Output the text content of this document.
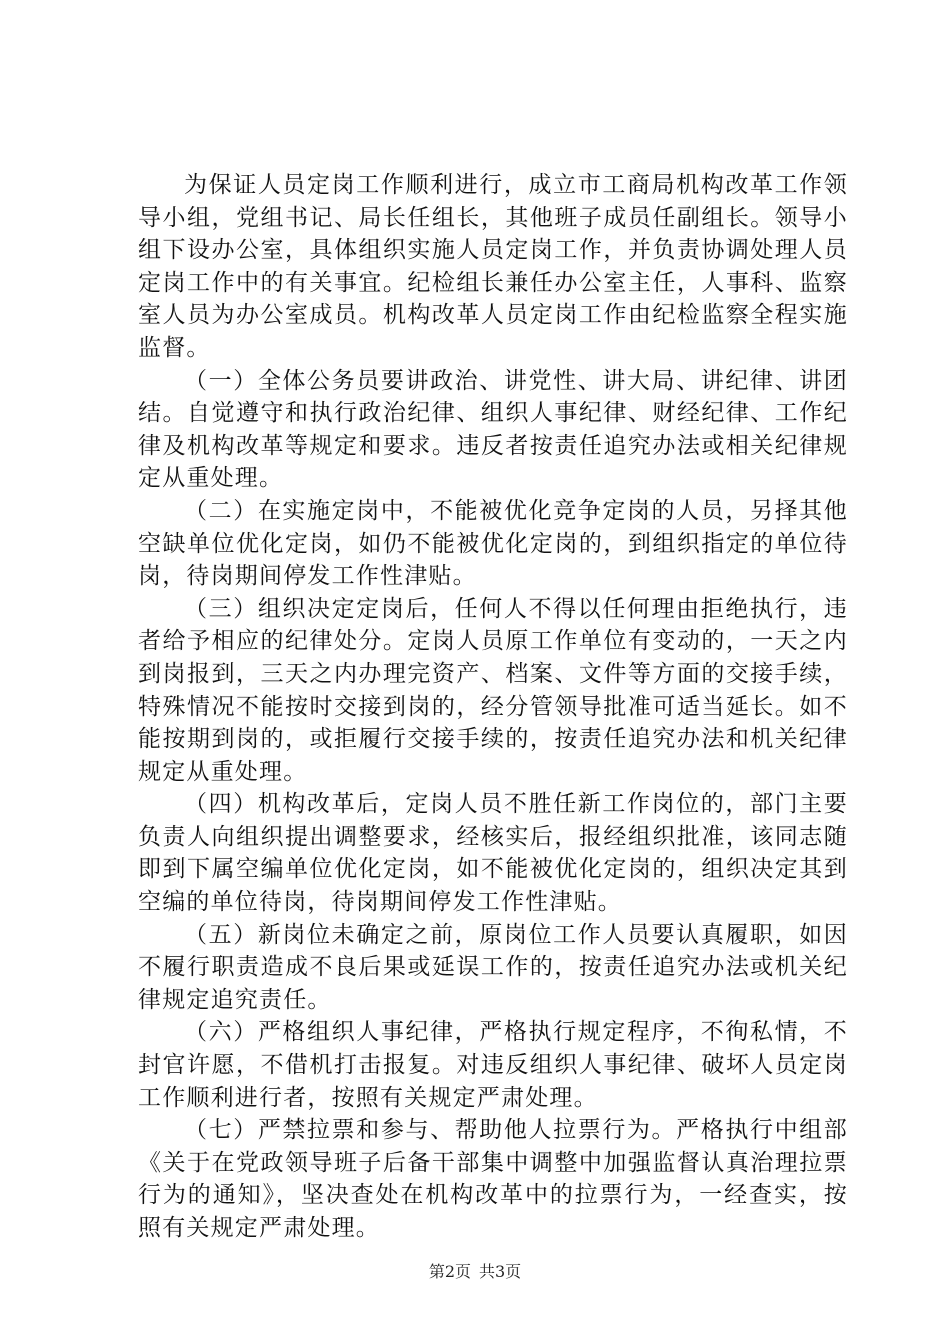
为保证人员定岗工作顺利进行，成立市工商局机构改革工作领导小组，党组书记、局长任组长，其他班子成员任副组长。领导小组下设办公室，具体组织实施人员定岗工作，并负责协调处理人员定岗工作中的有关事宜。纪检组长兼任办公室主任，人事科、监察室人员为办公室成员。机构改革人员定岗工作由纪检监察全程实施监督。

（一）全体公务员要讲政治、讲党性、讲大局、讲纪律、讲团结。自觉遵守和执行政治纪律、组织人事纪律、财经纪律、工作纪律及机构改革等规定和要求。违反者按责任追究办法或相关纪律规定从重处理。

（二）在实施定岗中，不能被优化竞争定岗的人员，另择其他空缺单位优化定岗，如仍不能被优化定岗的，到组织指定的单位待岗，待岗期间停发工作性津贴。

（三）组织决定定岗后，任何人不得以任何理由拒绝执行，违者给予相应的纪律处分。定岗人员原工作单位有变动的，一天之内到岗报到，三天之内办理完资产、档案、文件等方面的交接手续，特殊情况不能按时交接到岗的，经分管领导批准可适当延长。如不能按期到岗的，或拒履行交接手续的，按责任追究办法和机关纪律规定从重处理。

（四）机构改革后，定岗人员不胜任新工作岗位的，部门主要负责人向组织提出调整要求，经核实后，报经组织批准，该同志随即到下属空编单位优化定岗，如不能被优化定岗的，组织决定其到空编的单位待岗，待岗期间停发工作性津贴。

（五）新岗位未确定之前，原岗位工作人员要认真履职，如因不履行职责造成不良后果或延误工作的，按责任追究办法或机关纪律规定追究责任。

（六）严格组织人事纪律，严格执行规定程序，不徇私情，不封官许愿，不借机打击报复。对违反组织人事纪律、破坏人员定岗工作顺利进行者，按照有关规定严肃处理。

（七）严禁拉票和参与、帮助他人拉票行为。严格执行中组部《关于在党政领导班子后备干部集中调整中加强监督认真治理拉票行为的通知》，坚决查处在机构改革中的拉票行为，一经查实，按照有关规定严肃处理。

第2页 共3页
